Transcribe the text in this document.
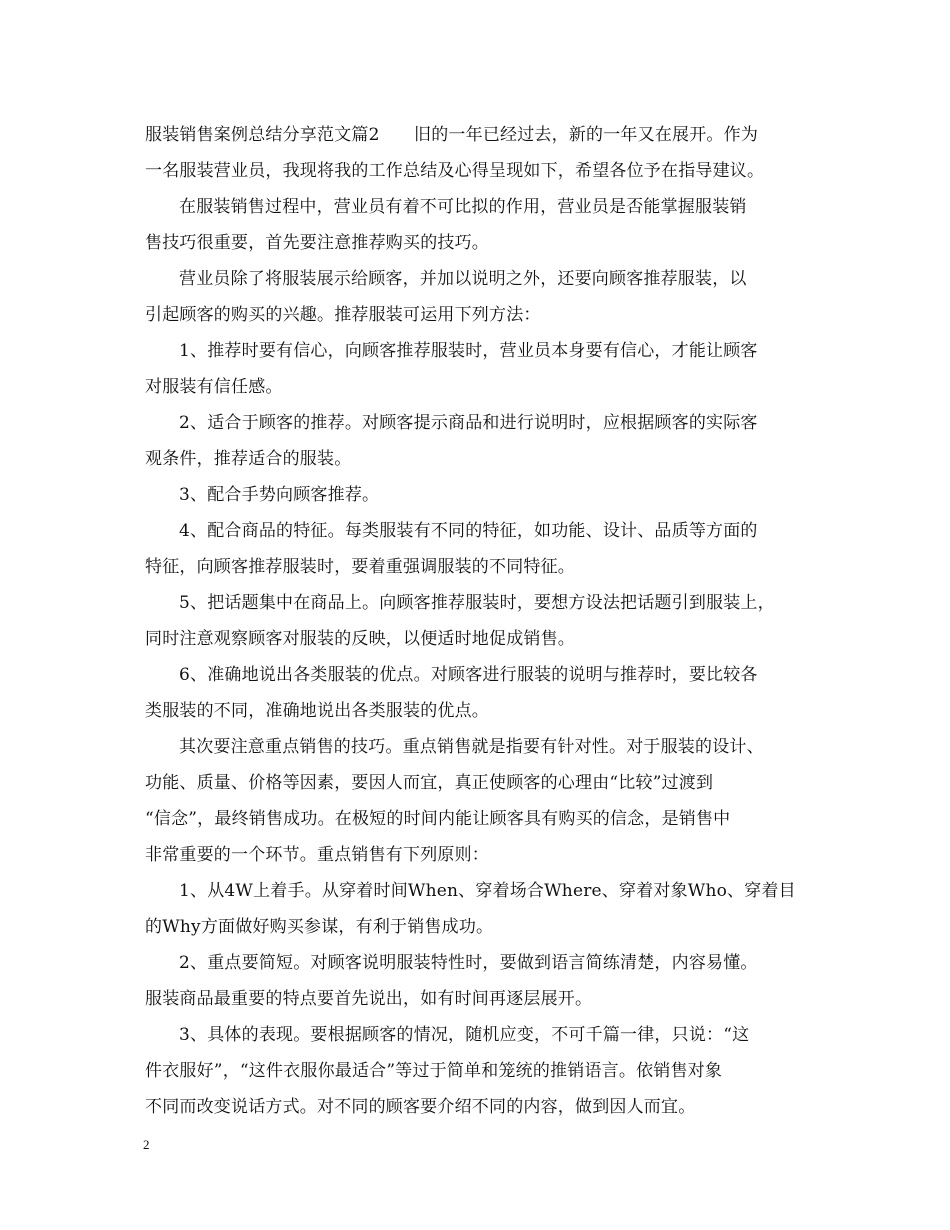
服装销售案例总结分享范文篇2　　旧的一年已经过去，新的一年又在展开。作为
一名服装营业员，我现将我的工作总结及心得呈现如下，希望各位予在指导建议。
在服装销售过程中，营业员有着不可比拟的作用，营业员是否能掌握服装销
售技巧很重要，首先要注意推荐购买的技巧。
营业员除了将服装展示给顾客，并加以说明之外，还要向顾客推荐服装，以
引起顾客的购买的兴趣。推荐服装可运用下列方法：
1、推荐时要有信心，向顾客推荐服装时，营业员本身要有信心，才能让顾客
对服装有信任感。
2、适合于顾客的推荐。对顾客提示商品和进行说明时，应根据顾客的实际客
观条件，推荐适合的服装。
3、配合手势向顾客推荐。
4、配合商品的特征。每类服装有不同的特征，如功能、设计、品质等方面的
特征，向顾客推荐服装时，要着重强调服装的不同特征。
5、把话题集中在商品上。向顾客推荐服装时，要想方设法把话题引到服装上，
同时注意观察顾客对服装的反映，以便适时地促成销售。
6、准确地说出各类服装的优点。对顾客进行服装的说明与推荐时，要比较各
类服装的不同，准确地说出各类服装的优点。
其次要注意重点销售的技巧。重点销售就是指要有针对性。对于服装的设计、
功能、质量、价格等因素，要因人而宜，真正使顾客的心理由“比较”过渡到
“信念”，最终销售成功。在极短的时间内能让顾客具有购买的信念，是销售中
非常重要的一个环节。重点销售有下列原则：
1、从4W上着手。从穿着时间When、穿着场合Where、穿着对象Who、穿着目
的Why方面做好购买参谋，有利于销售成功。
2、重点要简短。对顾客说明服装特性时，要做到语言简练清楚，内容易懂。
服装商品最重要的特点要首先说出，如有时间再逐层展开。
3、具体的表现。要根据顾客的情况，随机应变，不可千篇一律，只说：“这
件衣服好”，“这件衣服你最适合”等过于简单和笼统的推销语言。依销售对象
不同而改变说话方式。对不同的顾客要介绍不同的内容，做到因人而宜。
2
